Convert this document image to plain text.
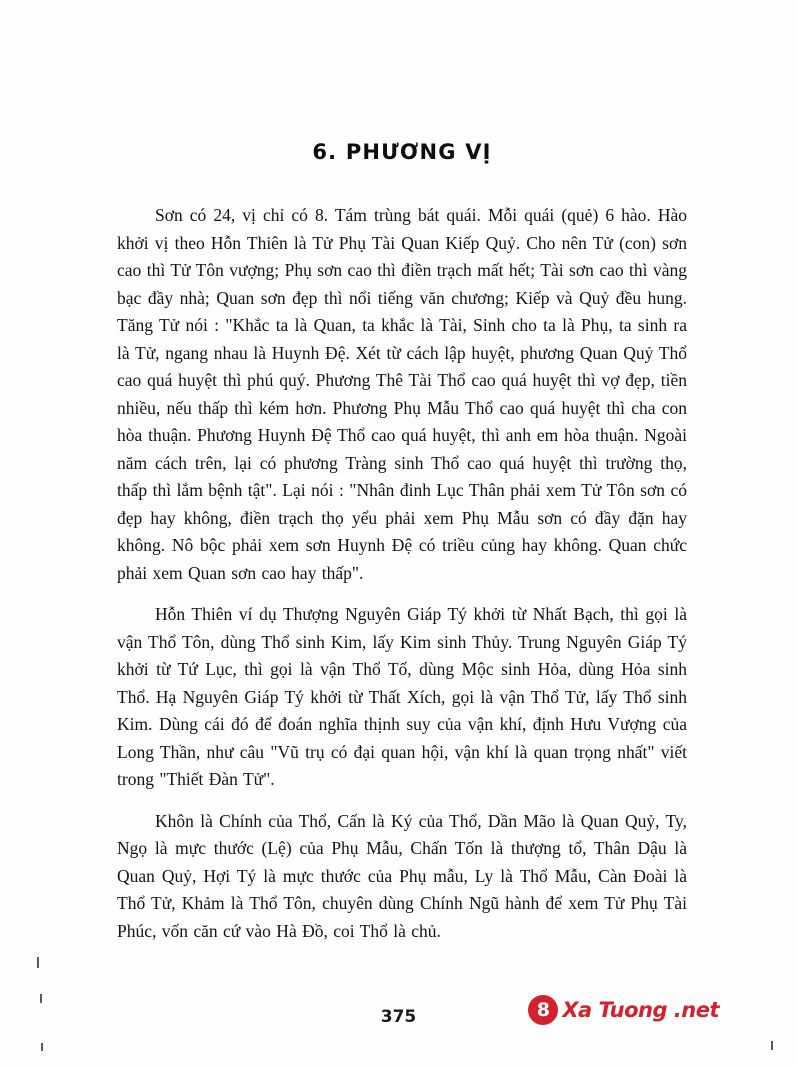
6. PHƯƠNG VỊ

Sơn có 24, vị chỉ có 8. Tám trùng bát quái. Mỗi quái (quẻ) 6 hào. Hào khởi vị theo Hỗn Thiên là Tử Phụ Tài Quan Kiếp Quỷ. Cho nên Tử (con) sơn cao thì Tử Tôn vượng; Phụ sơn cao thì điền trạch mất hết; Tài sơn cao thì vàng bạc đầy nhà; Quan sơn đẹp thì nổi tiếng văn chương; Kiếp và Quỷ đều hung. Tăng Tử nói : "Khắc ta là Quan, ta khắc là Tài, Sinh cho ta là Phụ, ta sinh ra là Tử, ngang nhau là Huynh Đệ. Xét từ cách lập huyệt, phương Quan Quỷ Thổ cao quá huyệt thì phú quý. Phương Thê Tài Thổ cao quá huyệt thì vợ đẹp, tiền nhiều, nếu thấp thì kém hơn. Phương Phụ Mẫu Thổ cao quá huyệt thì cha con hòa thuận. Phương Huynh Đệ Thổ cao quá huyệt, thì anh em hòa thuận. Ngoài năm cách trên, lại có phương Tràng sinh Thổ cao quá huyệt thì trường thọ, thấp thì lắm bệnh tật". Lại nói : "Nhân đinh Lục Thân phải xem Tử Tôn sơn có đẹp hay không, điền trạch thọ yểu phải xem Phụ Mẫu sơn có đầy đặn hay không. Nô bộc phải xem sơn Huynh Đệ có triều củng hay không. Quan chức phải xem Quan sơn cao hay thấp".

Hỗn Thiên ví dụ Thượng Nguyên Giáp Tý khởi từ Nhất Bạch, thì gọi là vận Thổ Tôn, dùng Thổ sinh Kim, lấy Kim sinh Thủy. Trung Nguyên Giáp Tý khởi từ Tứ Lục, thì gọi là vận Thổ Tố, dùng Mộc sinh Hỏa, dùng Hỏa sinh Thổ. Hạ Nguyên Giáp Tý khởi từ Thất Xích, gọi là vận Thổ Tử, lấy Thổ sinh Kim. Dùng cái đó để đoán nghĩa thịnh suy của vận khí, định Hưu Vượng của Long Thần, như câu "Vũ trụ có đại quan hội, vận khí là quan trọng nhất" viết trong "Thiết Đàn Tử".

Khôn là Chính của Thổ, Cấn là Ký của Thổ, Dần Mão là Quan Quỷ, Ty, Ngọ là mực thước (Lệ) của Phụ Mẫu, Chấn Tốn là thượng tổ, Thân Dậu là Quan Quỷ, Hợi Tý là mực thước của Phụ mẫu, Ly là Thổ Mẫu, Càn Đoài là Thổ Tử, Khảm là Thổ Tôn, chuyên dùng Chính Ngũ hành để xem Tử Phụ Tài Phúc, vốn căn cứ vào Hà Đồ, coi Thổ là chủ.

375	8 Xa Tuong .net
